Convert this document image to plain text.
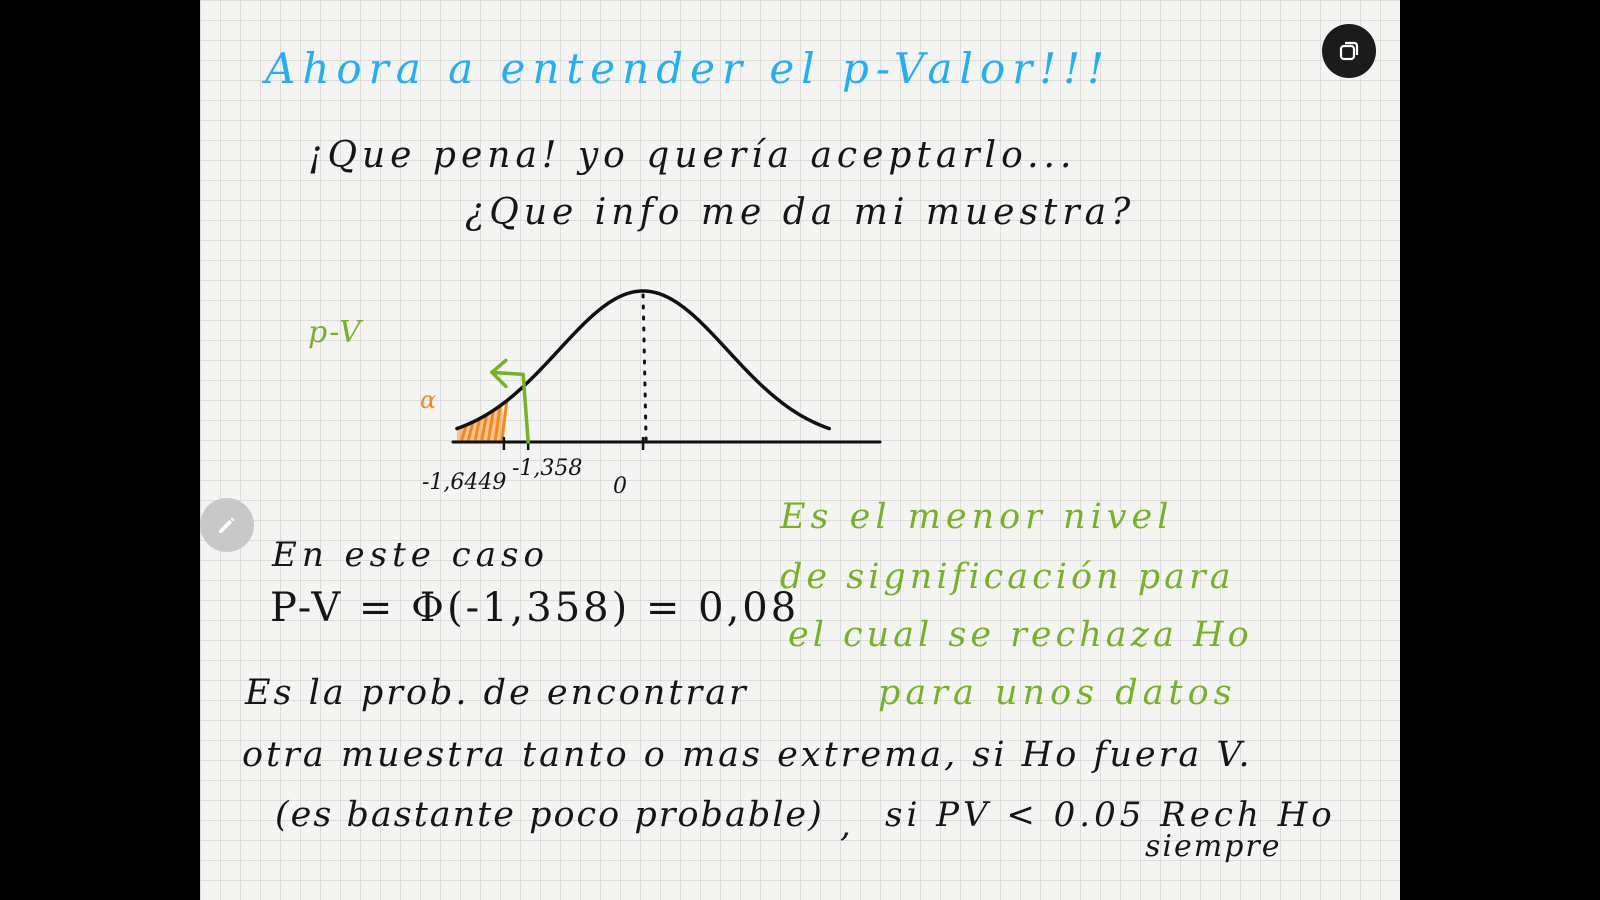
Ahora a entender el p-Valor!!!
¡Que pena! yo quería aceptarlo...
¿Que info me da mi muestra?
p-V
α
-1,6449
-1,358
0
En este caso
P-V = Φ(-1,358) = 0,08
Es el menor nivel
de significación para
el cual se rechaza Ho
para unos datos
Es la prob. de encontrar
otra muestra tanto o mas extrema, si Ho fuera V.
(es bastante poco probable) , si PV < 0.05 Rech Ho
siempre
